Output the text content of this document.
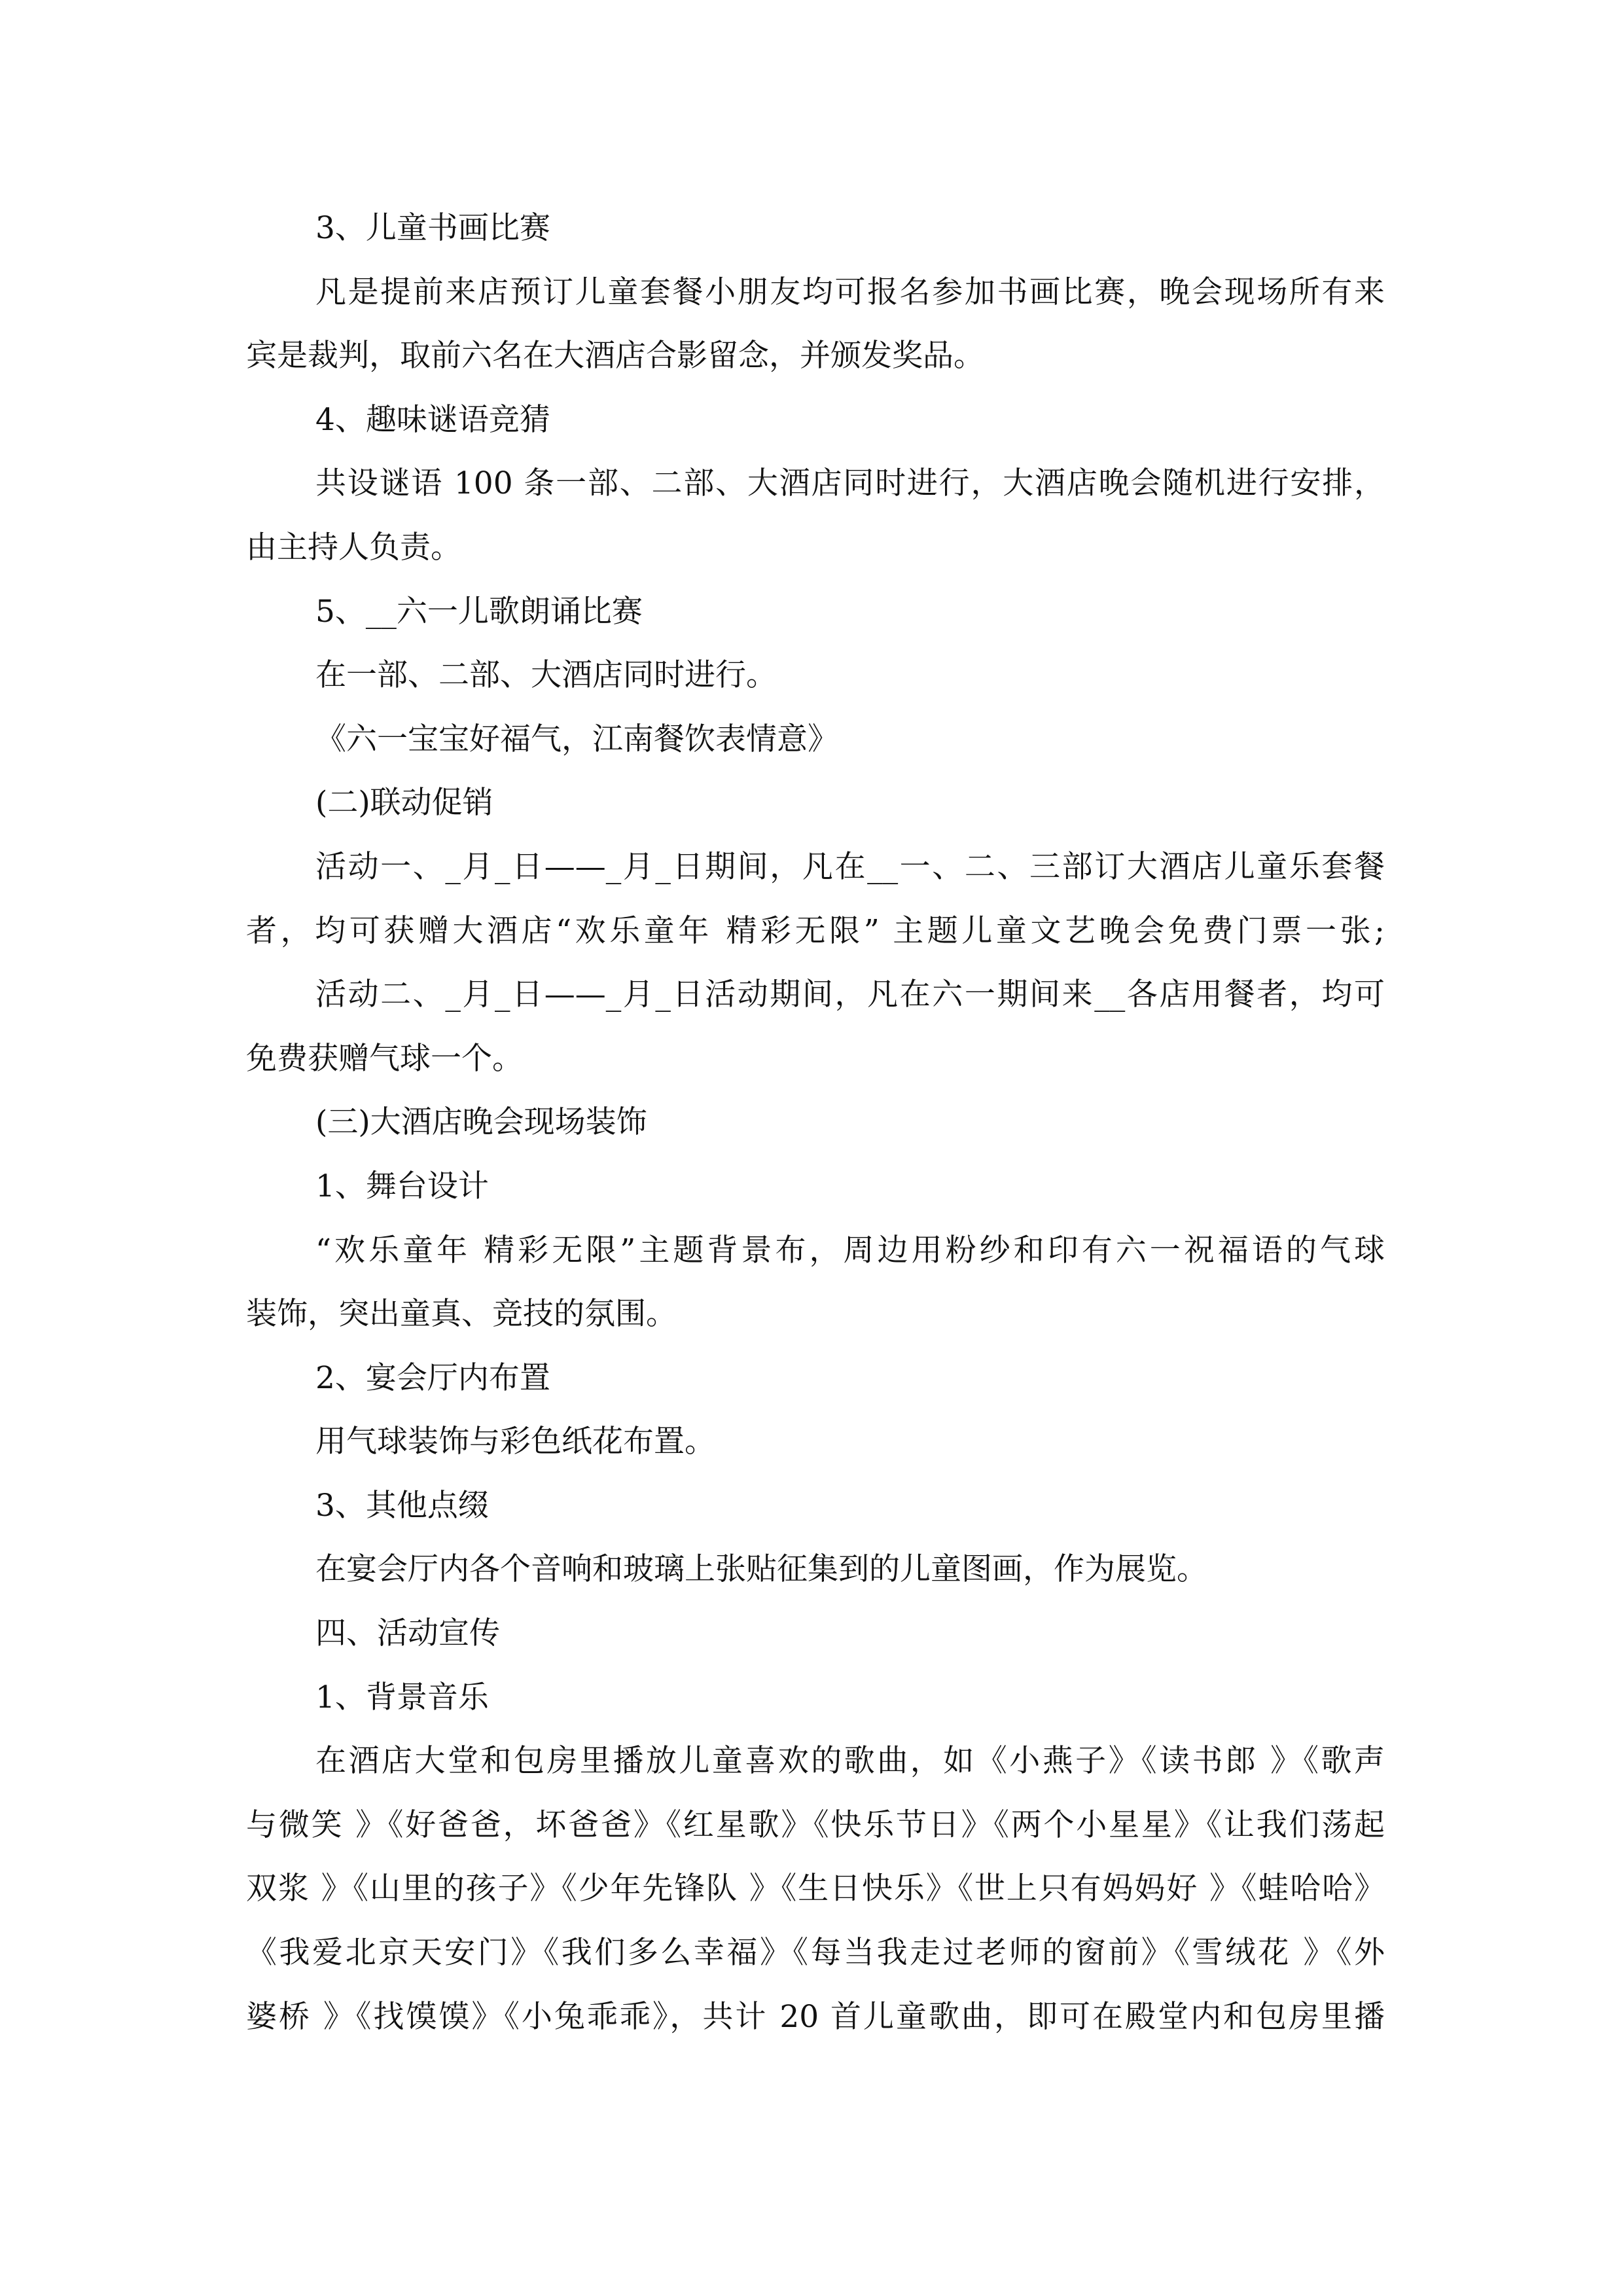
3、儿童书画比赛
凡是提前来店预订儿童套餐小朋友均可报名参加书画比赛，晚会现场所有来
宾是裁判，取前六名在大酒店合影留念，并颁发奖品。
4、趣味谜语竞猜
共设谜语 100 条一部、二部、大酒店同时进行，大酒店晚会随机进行安排，
由主持人负责。
5、__六一儿歌朗诵比赛
在一部、二部、大酒店同时进行。
《六一宝宝好福气，江南餐饮表情意》
(二)联动促销
活动一、_月_日——_月_日期间，凡在__一、二、三部订大酒店儿童乐套餐
者，均可获赠大酒店“欢乐童年 精彩无限” 主题儿童文艺晚会免费门票一张;
活动二、_月_日——_月_日活动期间，凡在六一期间来__各店用餐者，均可
免费获赠气球一个。
(三)大酒店晚会现场装饰
1、舞台设计
“欢乐童年 精彩无限”主题背景布，周边用粉纱和印有六一祝福语的气球
装饰，突出童真、竞技的氛围。
2、宴会厅内布置
用气球装饰与彩色纸花布置。
3、其他点缀
在宴会厅内各个音响和玻璃上张贴征集到的儿童图画，作为展览。
四、活动宣传
1、背景音乐
在酒店大堂和包房里播放儿童喜欢的歌曲，如《小燕子》《读书郎 》《歌声
与微笑 》《好爸爸，坏爸爸》《红星歌》《快乐节日》《两个小星星》《让我们荡起
双浆 》《山里的孩子》《少年先锋队 》《生日快乐》《世上只有妈妈好 》《蛙哈哈》
《我爱北京天安门》《我们多么幸福》《每当我走过老师的窗前》《雪绒花 》《外
婆桥 》《找馍馍》《小兔乖乖》，共计 20 首儿童歌曲，即可在殿堂内和包房里播
